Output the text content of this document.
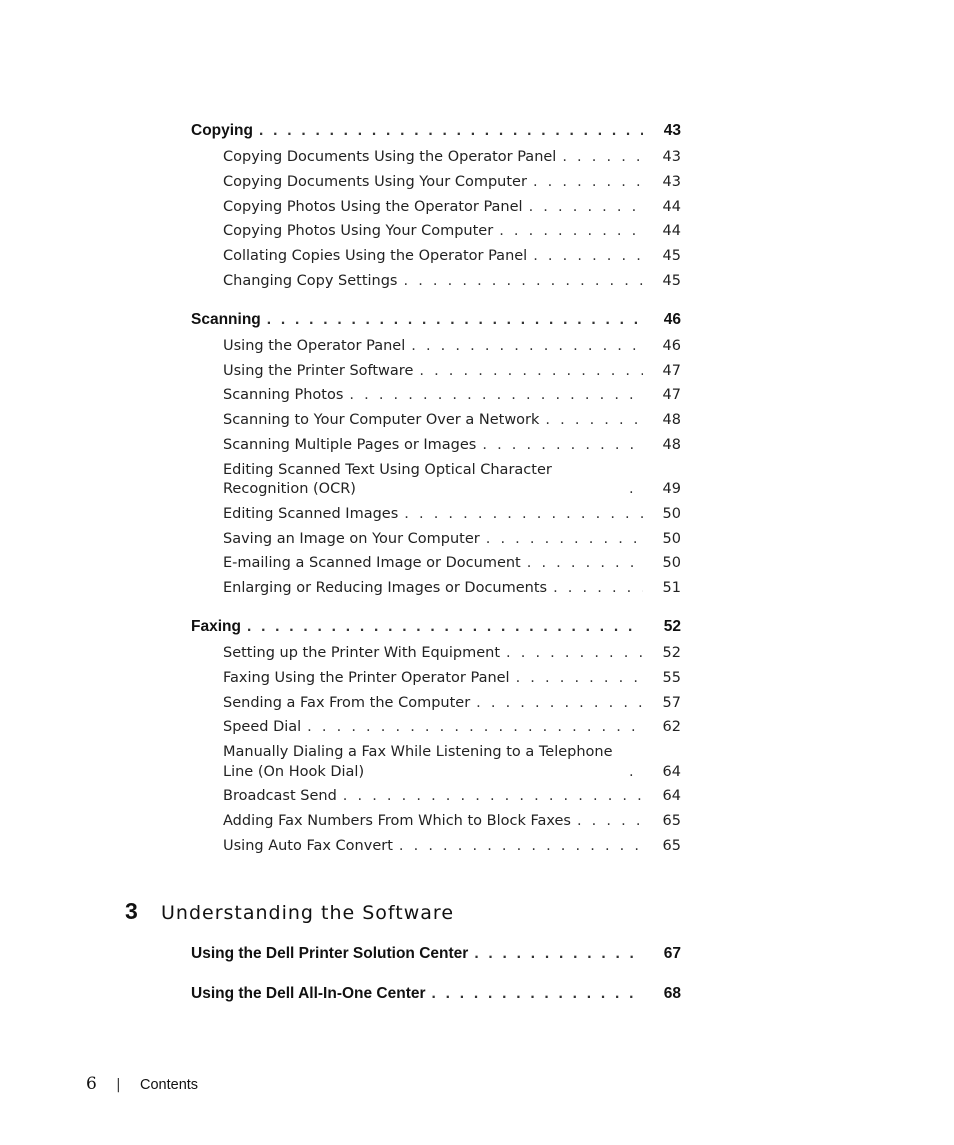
Copying . . .	43
Copying Documents Using the Operator Panel . . .	43
Copying Documents Using Your Computer . . .	43
Copying Photos Using the Operator Panel . . .	44
Copying Photos Using Your Computer . . .	44
Collating Copies Using the Operator Panel . . .	45
Changing Copy Settings . . .	45
Scanning . . .	46
Using the Operator Panel . . .	46
Using the Printer Software . . .	47
Scanning Photos . . .	47
Scanning to Your Computer Over a Network . . .	48
Scanning Multiple Pages or Images . . .	48
Editing Scanned Text Using Optical Character Recognition (OCR) . . .	49
Editing Scanned Images . . .	50
Saving an Image on Your Computer . . .	50
E-mailing a Scanned Image or Document . . .	50
Enlarging or Reducing Images or Documents . . .	51
Faxing . . .	52
Setting up the Printer With Equipment . . .	52
Faxing Using the Printer Operator Panel . . .	55
Sending a Fax From the Computer . . .	57
Speed Dial . . .	62
Manually Dialing a Fax While Listening to a Telephone Line (On Hook Dial) . . .	64
Broadcast Send . . .	64
Adding Fax Numbers From Which to Block Faxes . . .	65
Using Auto Fax Convert . . .	65
3	Understanding the Software
Using the Dell Printer Solution Center . . .	67
Using the Dell All-In-One Center . . .	68
6	|	Contents
